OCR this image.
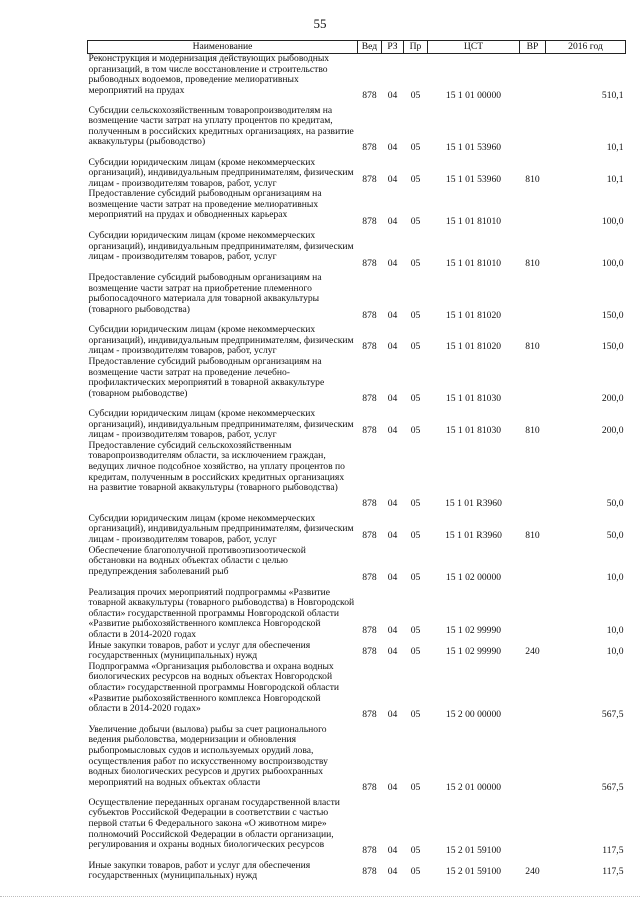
55
Наименование	Вед	РЗ	Пр	ЦСТ	ВР	2016 год
Реконструкция и модернизация действующих рыбоводных организаций, в том числе восстановление и строительство рыбоводных водоемов, проведение мелиоративных мероприятий на прудах	878	04	05	15 1 01 00000		510,1
Субсидии сельскохозяйственным товаропроизводителям на возмещение части затрат на уплату процентов по кредитам, полученным в российских кредитных организациях, на развитие аквакультуры (рыбоводство)	878	04	05	15 1 01 53960		10,1
Субсидии юридическим лицам (кроме некоммерческих организаций), индивидуальным предпринимателям, физическим лицам - производителям товаров, работ, услуг	878	04	05	15 1 01 53960	810	10,1
Предоставление субсидий рыбоводным организациям на возмещение части затрат на проведение мелиоративных мероприятий на прудах и обводненных карьерах	878	04	05	15 1 01 81010		100,0
Субсидии юридическим лицам (кроме некоммерческих организаций), индивидуальным предпринимателям, физическим лицам - производителям товаров, работ, услуг	878	04	05	15 1 01 81010	810	100,0
Предоставление субсидий рыбоводным организациям на возмещение части затрат на приобретение племенного рыбопосадочного материала для товарной аквакультуры (товарного рыбоводства)	878	04	05	15 1 01 81020		150,0
Субсидии юридическим лицам (кроме некоммерческих организаций), индивидуальным предпринимателям, физическим лицам - производителям товаров, работ, услуг	878	04	05	15 1 01 81020	810	150,0
Предоставление субсидий рыбоводным организациям на возмещение части затрат на проведение лечебно-профилактических мероприятий в товарной аквакультуре (товарном рыбоводстве)	878	04	05	15 1 01 81030		200,0
Субсидии юридическим лицам (кроме некоммерческих организаций), индивидуальным предпринимателям, физическим лицам - производителям товаров, работ, услуг	878	04	05	15 1 01 81030	810	200,0
Предоставление субсидий сельскохозяйственным товаропроизводителям области, за исключением граждан, ведущих личное подсобное хозяйство, на уплату процентов по кредитам, полученным в российских кредитных организациях на развитие товарной аквакультуры (товарного рыбоводства)	878	04	05	15 1 01 R3960		50,0
Субсидии юридическим лицам (кроме некоммерческих организаций), индивидуальным предпринимателям, физическим лицам - производителям товаров, работ, услуг	878	04	05	15 1 01 R3960	810	50,0
Обеспечение благополучной противоэпизоотической обстановки на водных объектах области с целью предупреждения заболеваний рыб	878	04	05	15 1 02 00000		10,0
Реализация прочих мероприятий подпрограммы «Развитие товарной аквакультуры (товарного рыбоводства) в Новгородской области» государственной программы Новгородской области «Развитие рыбохозяйственного комплекса Новгородской области в 2014-2020 годах	878	04	05	15 1 02 99990		10,0
Иные закупки товаров, работ и услуг для обеспечения государственных (муниципальных) нужд	878	04	05	15 1 02 99990	240	10,0
Подпрограмма «Организация рыболовства и охрана водных биологических ресурсов на водных объектах Новгородской области» государственной программы Новгородской области «Развитие рыбохозяйственного комплекса Новгородской области в 2014-2020 годах»	878	04	05	15 2 00 00000		567,5
Увеличение добычи (вылова) рыбы за счет рационального ведения рыболовства, модернизации и обновления рыбопромысловых судов и используемых орудий лова, осуществления работ по искусственному воспроизводству водных биологических ресурсов и других рыбоохранных мероприятий на водных объектах области	878	04	05	15 2 01 00000		567,5
Осуществление переданных органам государственной власти субъектов Российской Федерации в соответствии с частью первой статьи 6 Федерального закона «О животном мире» полномочий Российской Федерации в области организации, регулирования и охраны водных биологических ресурсов	878	04	05	15 2 01 59100		117,5
Иные закупки товаров, работ и услуг для обеспечения государственных (муниципальных) нужд	878	04	05	15 2 01 59100	240	117,5
